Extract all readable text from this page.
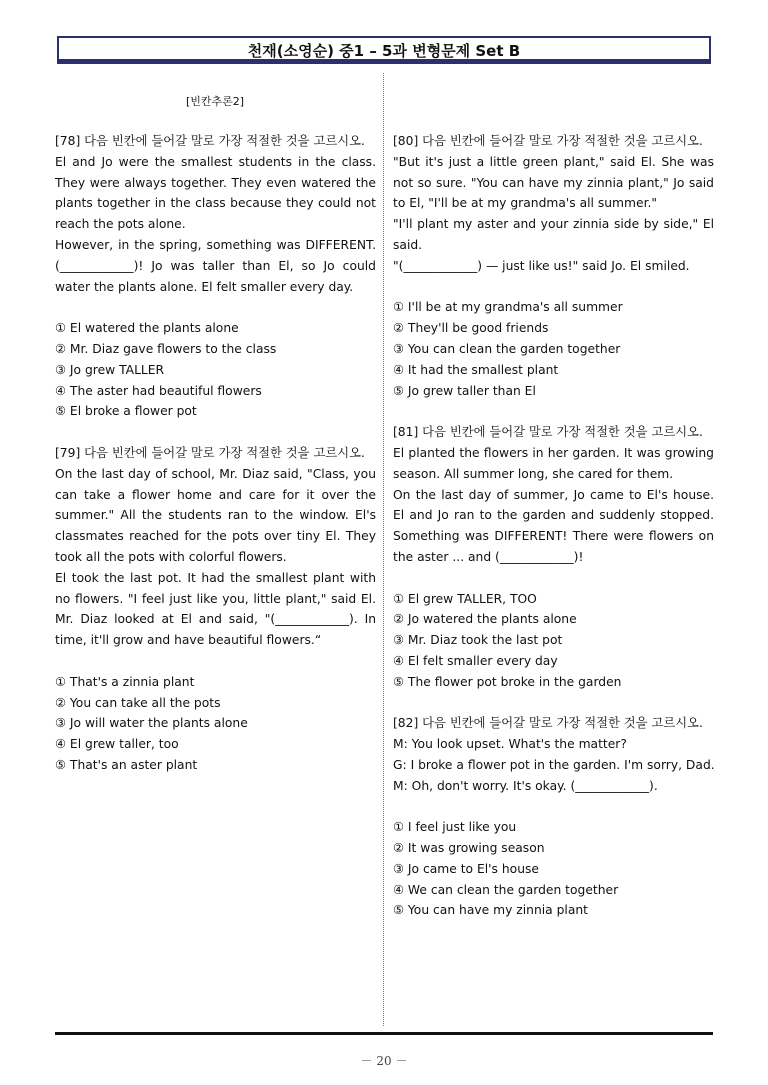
천재(소영순) 중1 – 5과 변형문제 Set B
[빈칸추론2]
[78] 다음 빈칸에 들어갈 말로 가장 적절한 것을 고르시오.
El and Jo were the smallest students in the class. They were always together. They even watered the plants together in the class because they could not reach the pots alone.
However, in the spring, something was DIFFERENT. (____________)! Jo was taller than El, so Jo could water the plants alone. El felt smaller every day.
① El watered the plants alone
② Mr. Diaz gave flowers to the class
③ Jo grew TALLER
④ The aster had beautiful flowers
⑤ El broke a flower pot
[79] 다음 빈칸에 들어갈 말로 가장 적절한 것을 고르시오.
On the last day of school, Mr. Diaz said, "Class, you can take a flower home and care for it over the summer." All the students ran to the window. El's classmates reached for the pots over tiny El. They took all the pots with colorful flowers.
El took the last pot. It had the smallest plant with no flowers. "I feel just like you, little plant," said El. Mr. Diaz looked at El and said, "(____________). In time, it'll grow and have beautiful flowers.“
① That's a zinnia plant
② You can take all the pots
③ Jo will water the plants alone
④ El grew taller, too
⑤ That's an aster plant
[80] 다음 빈칸에 들어갈 말로 가장 적절한 것을 고르시오.
"But it's just a little green plant," said El. She was not so sure. "You can have my zinnia plant," Jo said to El, "I'll be at my grandma's all summer."
"I'll plant my aster and your zinnia side by side," El said.
"(____________) — just like us!" said Jo. El smiled.
① I'll be at my grandma's all summer
② They'll be good friends
③ You can clean the garden together
④ It had the smallest plant
⑤ Jo grew taller than El
[81] 다음 빈칸에 들어갈 말로 가장 적절한 것을 고르시오.
El planted the flowers in her garden. It was growing season. All summer long, she cared for them.
On the last day of summer, Jo came to El's house. El and Jo ran to the garden and suddenly stopped. Something was DIFFERENT! There were flowers on the aster ... and (____________)!
① El grew TALLER, TOO
② Jo watered the plants alone
③ Mr. Diaz took the last pot
④ El felt smaller every day
⑤ The flower pot broke in the garden
[82] 다음 빈칸에 들어갈 말로 가장 적절한 것을 고르시오.
M: You look upset. What's the matter?
G: I broke a flower pot in the garden. I'm sorry, Dad.
M: Oh, don't worry. It's okay. (____________).
① I feel just like you
② It was growing season
③ Jo came to El's house
④ We can clean the garden together
⑤ You can have my zinnia plant
－ 20 －
